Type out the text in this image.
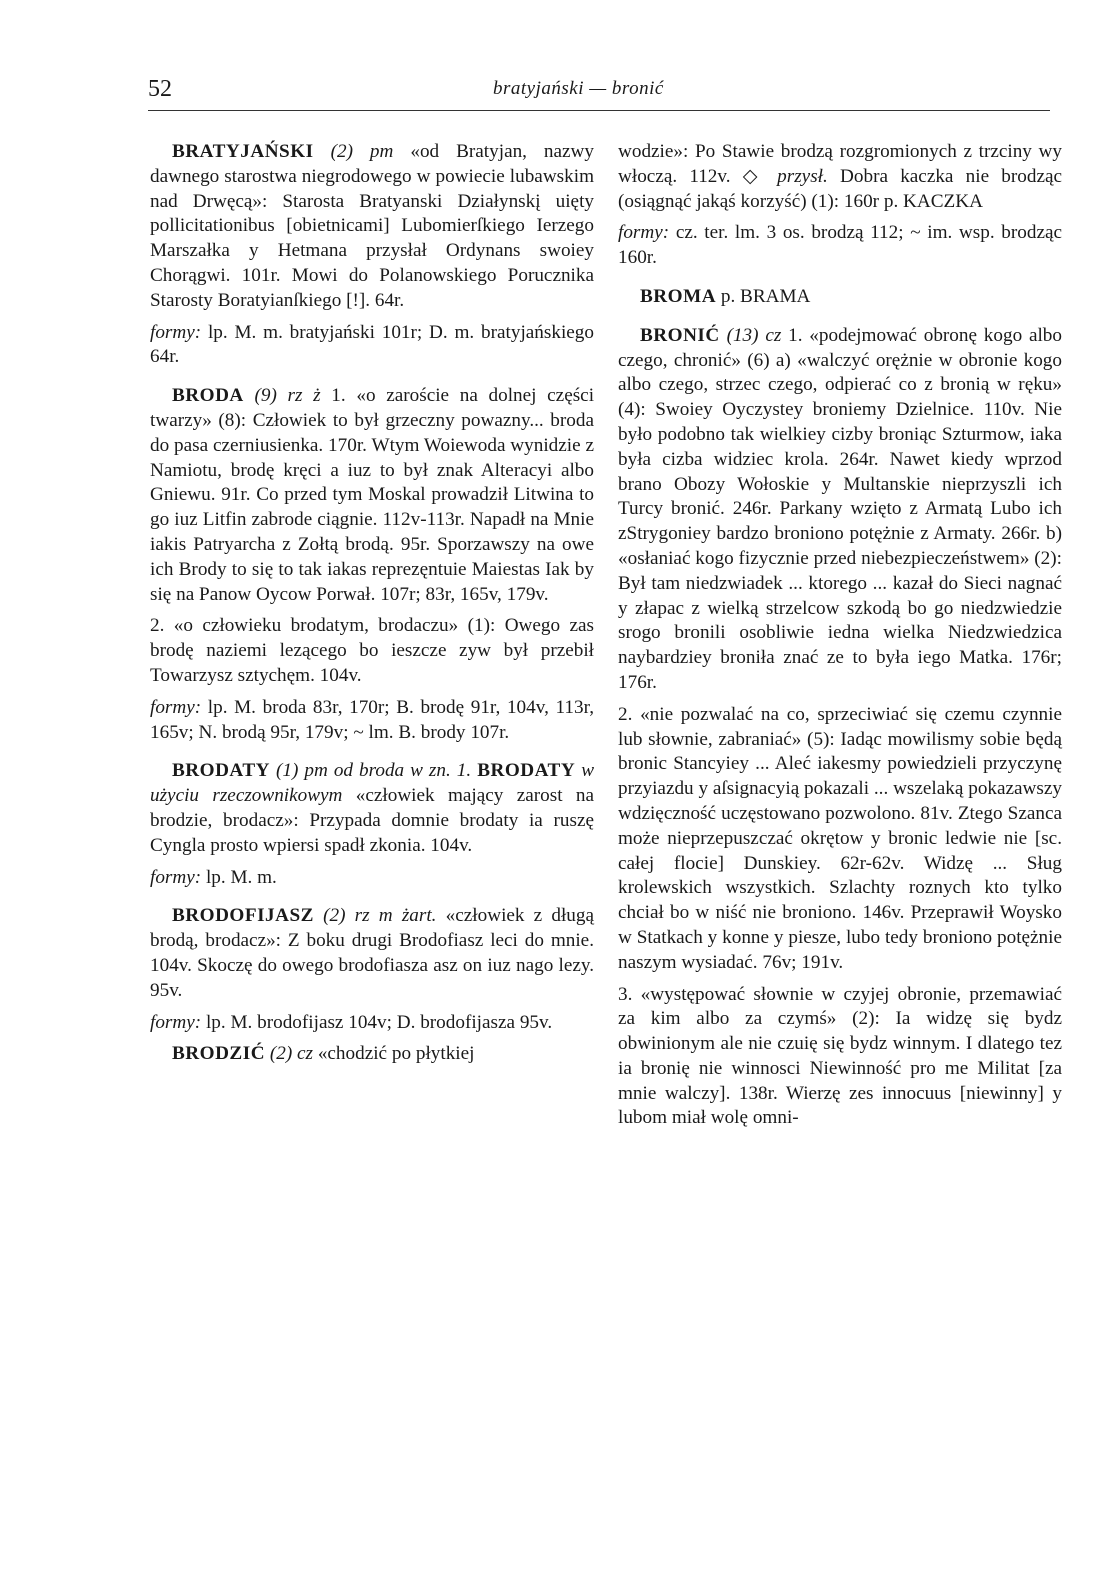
52	bratyjański — bronić

BRATYJAŃSKI (2) pm «od Bratyjan, nazwy dawnego starostwa niegrodowego w powiecie lubawskim nad Drwęcą»: Starosta Bratyanski Działynskį uięty pollicitationibus [obietnicami] Lubomierſkiego Ierzego Marszałka y Hetmana przysłał Ordynans swoiey Chorągwi. 101r. Mowi do Polanowskiego Porucznika Starosty Boratyianſkiego [!]. 64r.

formy: lp. M. m. bratyjański 101r; D. m. bratyjańskiego 64r.

BRODA (9) rz ż 1. «o zaroście na dolnej części twarzy» (8): Człowiek to był grzeczny powazny... broda do pasa czerniusienka. 170r. Wtym Woiewoda wynidzie z Namiotu, brodę kręci a iuz to był znak Alteracyi albo Gniewu. 91r. Co przed tym Moskal prowadził Litwina to go iuz Litfin zabrode ciągnie. 112v-113r. Napadł na Mnie iakis Patryarcha z Zołtą brodą. 95r. Sporzawszy na owe ich Brody to się to tak iakas reprezęntuie Maiestas Iak by się na Panow Oycow Porwał. 107r; 83r, 165v, 179v.

2. «o człowieku brodatym, brodaczu» (1): Owego zas brodę naziemi lezącego bo ieszcze zyw był przebił Towarzysz sztychęm. 104v.

formy: lp. M. broda 83r, 170r; B. brodę 91r, 104v, 113r, 165v; N. brodą 95r, 179v; ~ lm. B. brody 107r.

BRODATY (1) pm od broda w zn. 1. BRODATY w użyciu rzeczownikowym «człowiek mający zarost na brodzie, brodacz»: Przypada domnie brodaty ia ruszę Cyngla prosto wpiersi spadł zkonia. 104v.

formy: lp. M. m.

BRODOFIJASZ (2) rz m żart. «człowiek z długą brodą, brodacz»: Z boku drugi Brodofiasz leci do mnie. 104v. Skoczę do owego brodofiasza asz on iuz nago lezy. 95v.

formy: lp. M. brodofijasz 104v; D. brodofijasza 95v.

BRODZIĆ (2) cz «chodzić po płytkiej

wodzie»: Po Stawie brodzą rozgromionych z trzciny wy włoczą. 112v. ◇ przysł. Dobra kaczka nie brodząc (osiągnąć jakąś korzyść) (1): 160r p. KACZKA

formy: cz. ter. lm. 3 os. brodzą 112; ~ im. wsp. brodząc 160r.

BROMA p. BRAMA

BRONIĆ (13) cz 1. «podejmować obronę kogo albo czego, chronić» (6) a) «walczyć orężnie w obronie kogo albo czego, strzec czego, odpierać co z bronią w ręku» (4): Swoiey Oyczystey broniemy Dzielnice. 110v. Nie było podobno tak wielkiey cizby broniąc Szturmow, iaka była cizba widziec krola. 264r. Nawet kiedy wprzod brano Obozy Wołoskie y Multanskie nieprzyszli ich Turcy bronić. 246r. Parkany wzięto z Armatą Lubo ich zStrygoniey bardzo broniono potężnie z Armaty. 266r. b) «osłaniać kogo fizycznie przed niebezpieczeństwem» (2): Był tam niedzwiadek ... ktorego ... kazał do Sieci nagnać y złapac z wielką strzelcow szkodą bo go niedzwiedzie srogo bronili osobliwie iedna wielka Niedzwiedzica naybardziey broniła znać ze to była iego Matka. 176r; 176r.

2. «nie pozwalać na co, sprzeciwiać się czemu czynnie lub słownie, zabraniać» (5): Iadąc mowilismy sobie będą bronic Stancyiey ... Aleć iakesmy powiedzieli przyczynę przyiazdu y aſsignacyią pokazali ... wszelaką pokazawszy wdzięczność uczęstowano pozwolono. 81v. Ztego Szanca może nieprzepuszczać okrętow y bronic ledwie nie [sc. całej flocie] Dunskiey. 62r-62v. Widzę ... Sług krolewskich wszystkich. Szlachty roznych kto tylko chciał bo w niść nie broniono. 146v. Przeprawił Woysko w Statkach y konne y piesze, lubo tedy broniono potężnie naszym wysiadać. 76v; 191v.

3. «występować słownie w czyjej obronie, przemawiać za kim albo za czymś» (2): Ia widzę się bydz obwinionym ale nie czuię się bydz winnym. I dlatego tez ia bronię nie winnosci Niewinność pro me Militat [za mnie walczy]. 138r. Wierzę zes innocuus [niewinny] y lubom miał wolę omni-
